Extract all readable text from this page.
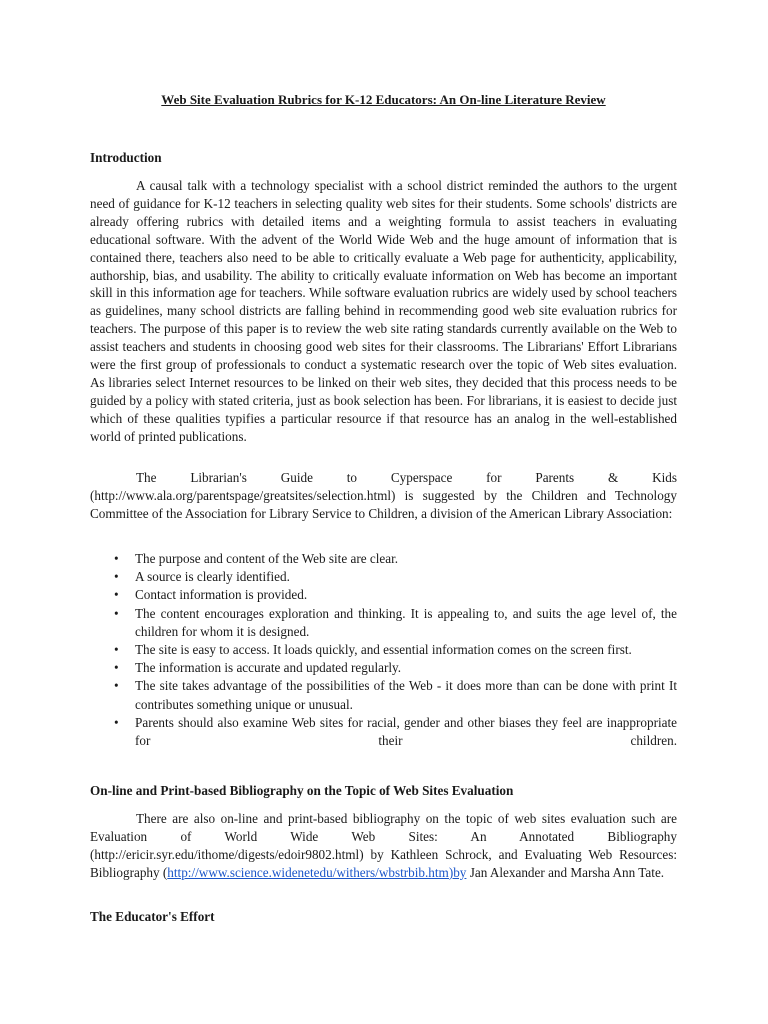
Web Site Evaluation Rubrics for K-12 Educators: An On-line Literature Review
Introduction

A causal talk with a technology specialist with a school district reminded the authors to the urgent need of guidance for K-12 teachers in selecting quality web sites for their students. Some schools' districts are already offering rubrics with detailed items and a weighting formula to assist teachers in evaluating educational software. With the advent of the World Wide Web and the huge amount of information that is contained there, teachers also need to be able to critically evaluate a Web page for authenticity, applicability, authorship, bias, and usability. The ability to critically evaluate information on Web has become an important skill in this information age for teachers. While software evaluation rubrics are widely used by school teachers as guidelines, many school districts are falling behind in recommending good web site evaluation rubrics for teachers. The purpose of this paper is to review the web site rating standards currently available on the Web to assist teachers and students in choosing good web sites for their classrooms. The Librarians' Effort Librarians were the first group of professionals to conduct a systematic research over the topic of Web sites evaluation. As libraries select Internet resources to be linked on their web sites, they decided that this process needs to be guided by a policy with stated criteria, just as book selection has been. For librarians, it is easiest to decide just which of these qualities typifies a particular resource if that resource has an analog in the well-established world of printed publications.

The Librarian's Guide to Cyperspace for Parents & Kids (http://www.ala.org/parentspage/greatsites/selection.html) is suggested by the Children and Technology Committee of the Association for Library Service to Children, a division of the American Library Association:

• The purpose and content of the Web site are clear.
• A source is clearly identified.
• Contact information is provided.
• The content encourages exploration and thinking. It is appealing to, and suits the age level of, the children for whom it is designed.
• The site is easy to access. It loads quickly, and essential information comes on the screen first.
• The information is accurate and updated regularly.
• The site takes advantage of the possibilities of the Web - it does more than can be done with print It contributes something unique or unusual.
• Parents should also examine Web sites for racial, gender and other biases they feel are inappropriate for their children.
On-line and Print-based Bibliography on the Topic of Web Sites Evaluation

There are also on-line and print-based bibliography on the topic of web sites evaluation such are Evaluation of World Wide Web Sites: An Annotated Bibliography (http://ericir.syr.edu/ithome/digests/edoir9802.html) by Kathleen Schrock, and Evaluating Web Resources: Bibliography (http://www.science.widenetedu/withers/wbstrbib.htm)by Jan Alexander and Marsha Ann Tate.

The Educator's Effort
